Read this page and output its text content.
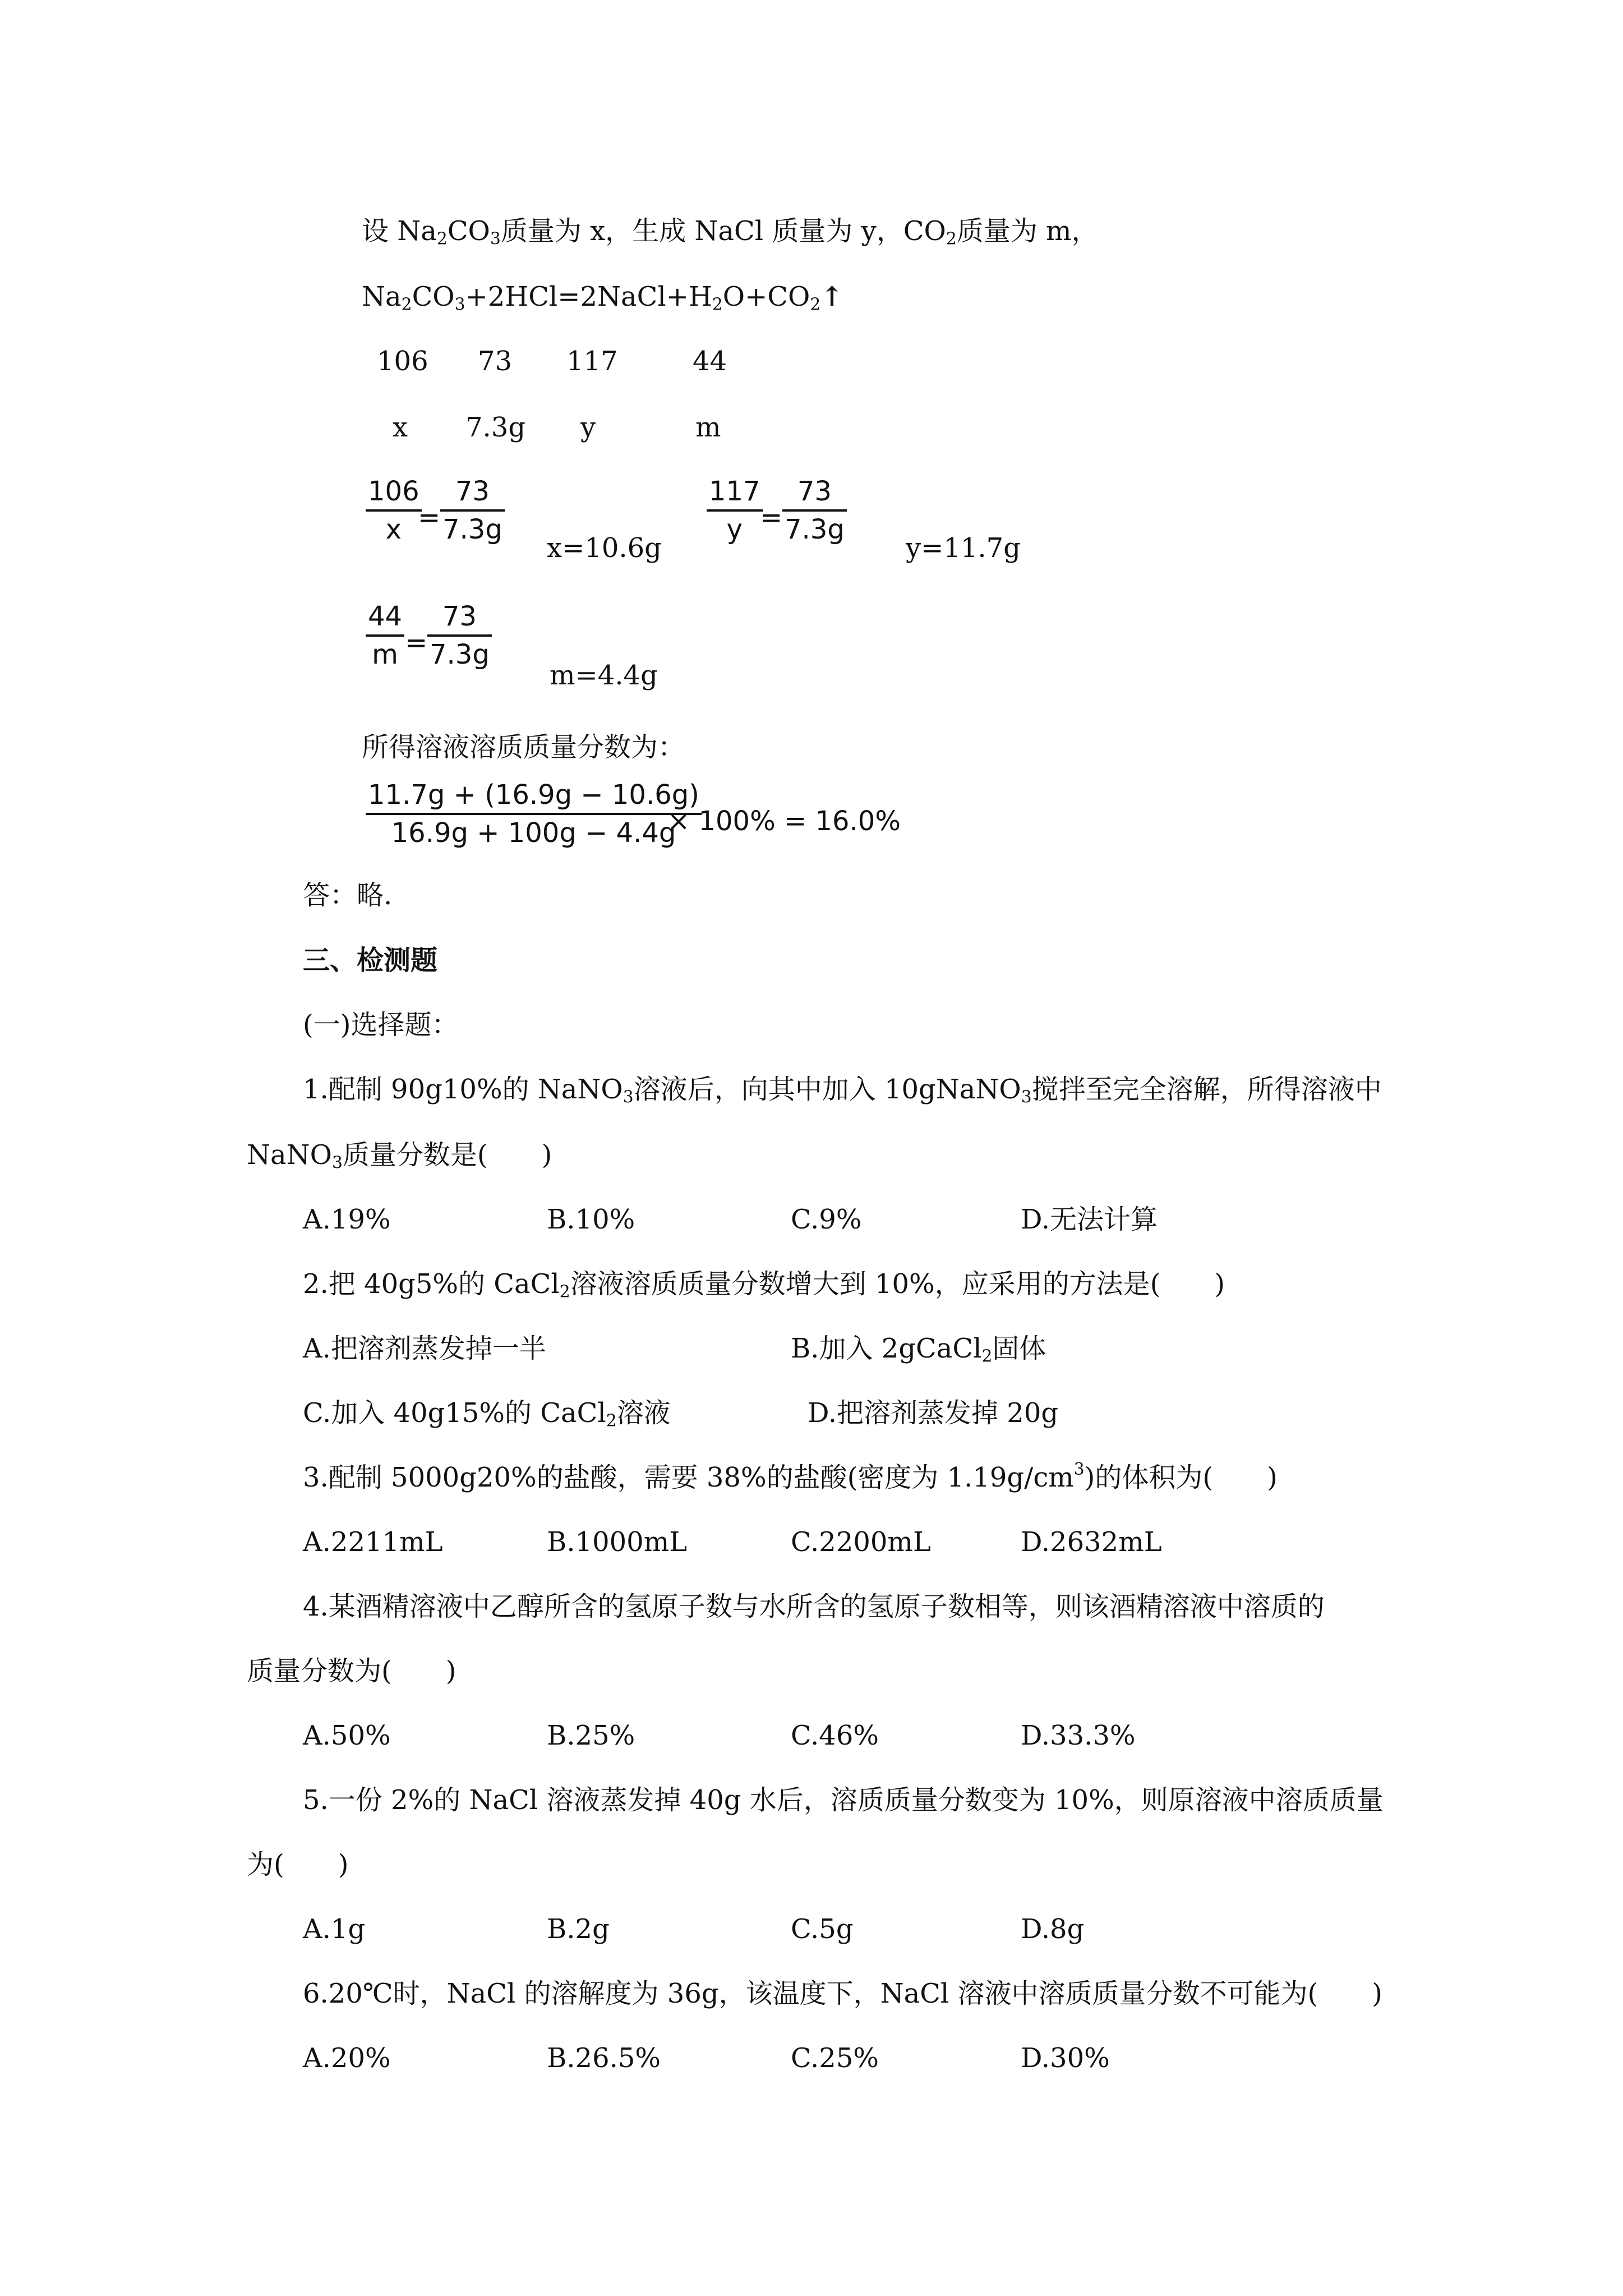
设 $Na_2CO_3$质量为 x，生成 NaCl 质量为 y，$CO_2$质量为 m，
$Na_2CO_3+2HCl=2NaCl+H_2O+CO_2↑$
106 73 117	44
x 7.3g y	m
106
x =
73
7.3g
x=10.6g
117
y =
73
7.3g
y=11.7g
44
m =
73
7.3g
m=4.4g
所得溶液溶质质量分数为：
11.7g + (16.9g − 10.6g)
16.9g + 100g − 4.4g
× 100% = 16.0%
答：略.
三、检测题
(一)选择题：
1.配制 90g10%的 NaNO$_3$溶液后，向其中加入 10gNaNO$_3$搅拌至完全溶解，所得溶液中
NaNO$_3$质量分数是(　　)
A.19%	B.10%	C.9%	D.无法计算
2.把 40g5%的 CaCl$_2$溶液溶质质量分数增大到 10%，应采用的方法是(　　)
A.把溶剂蒸发掉一半	B.加入 2gCaCl$_2$固体
C.加入 40g15%的 CaCl$_2$溶液	D.把溶剂蒸发掉 20g
3.配制 5000g20%的盐酸，需要 38%的盐酸(密度为 $1.19g/cm^3$)的体积为(　　)
A.2211mL	B.1000mL	C.2200mL	D.2632mL
4.某酒精溶液中乙醇所含的氢原子数与水所含的氢原子数相等，则该酒精溶液中溶质的
质量分数为(　　)
A.50%	B.25%	C.46%	D.33.3%
5.一份 2%的 NaCl 溶液蒸发掉 40g 水后，溶质质量分数变为 10%，则原溶液中溶质质量
为(　　)
A.1g	B.2g	C.5g	D.8g
6.20℃时，NaCl 的溶解度为 36g，该温度下，NaCl 溶液中溶质质量分数不可能为(　　)
A.20%	B.26.5%	C.25%	D.30%
